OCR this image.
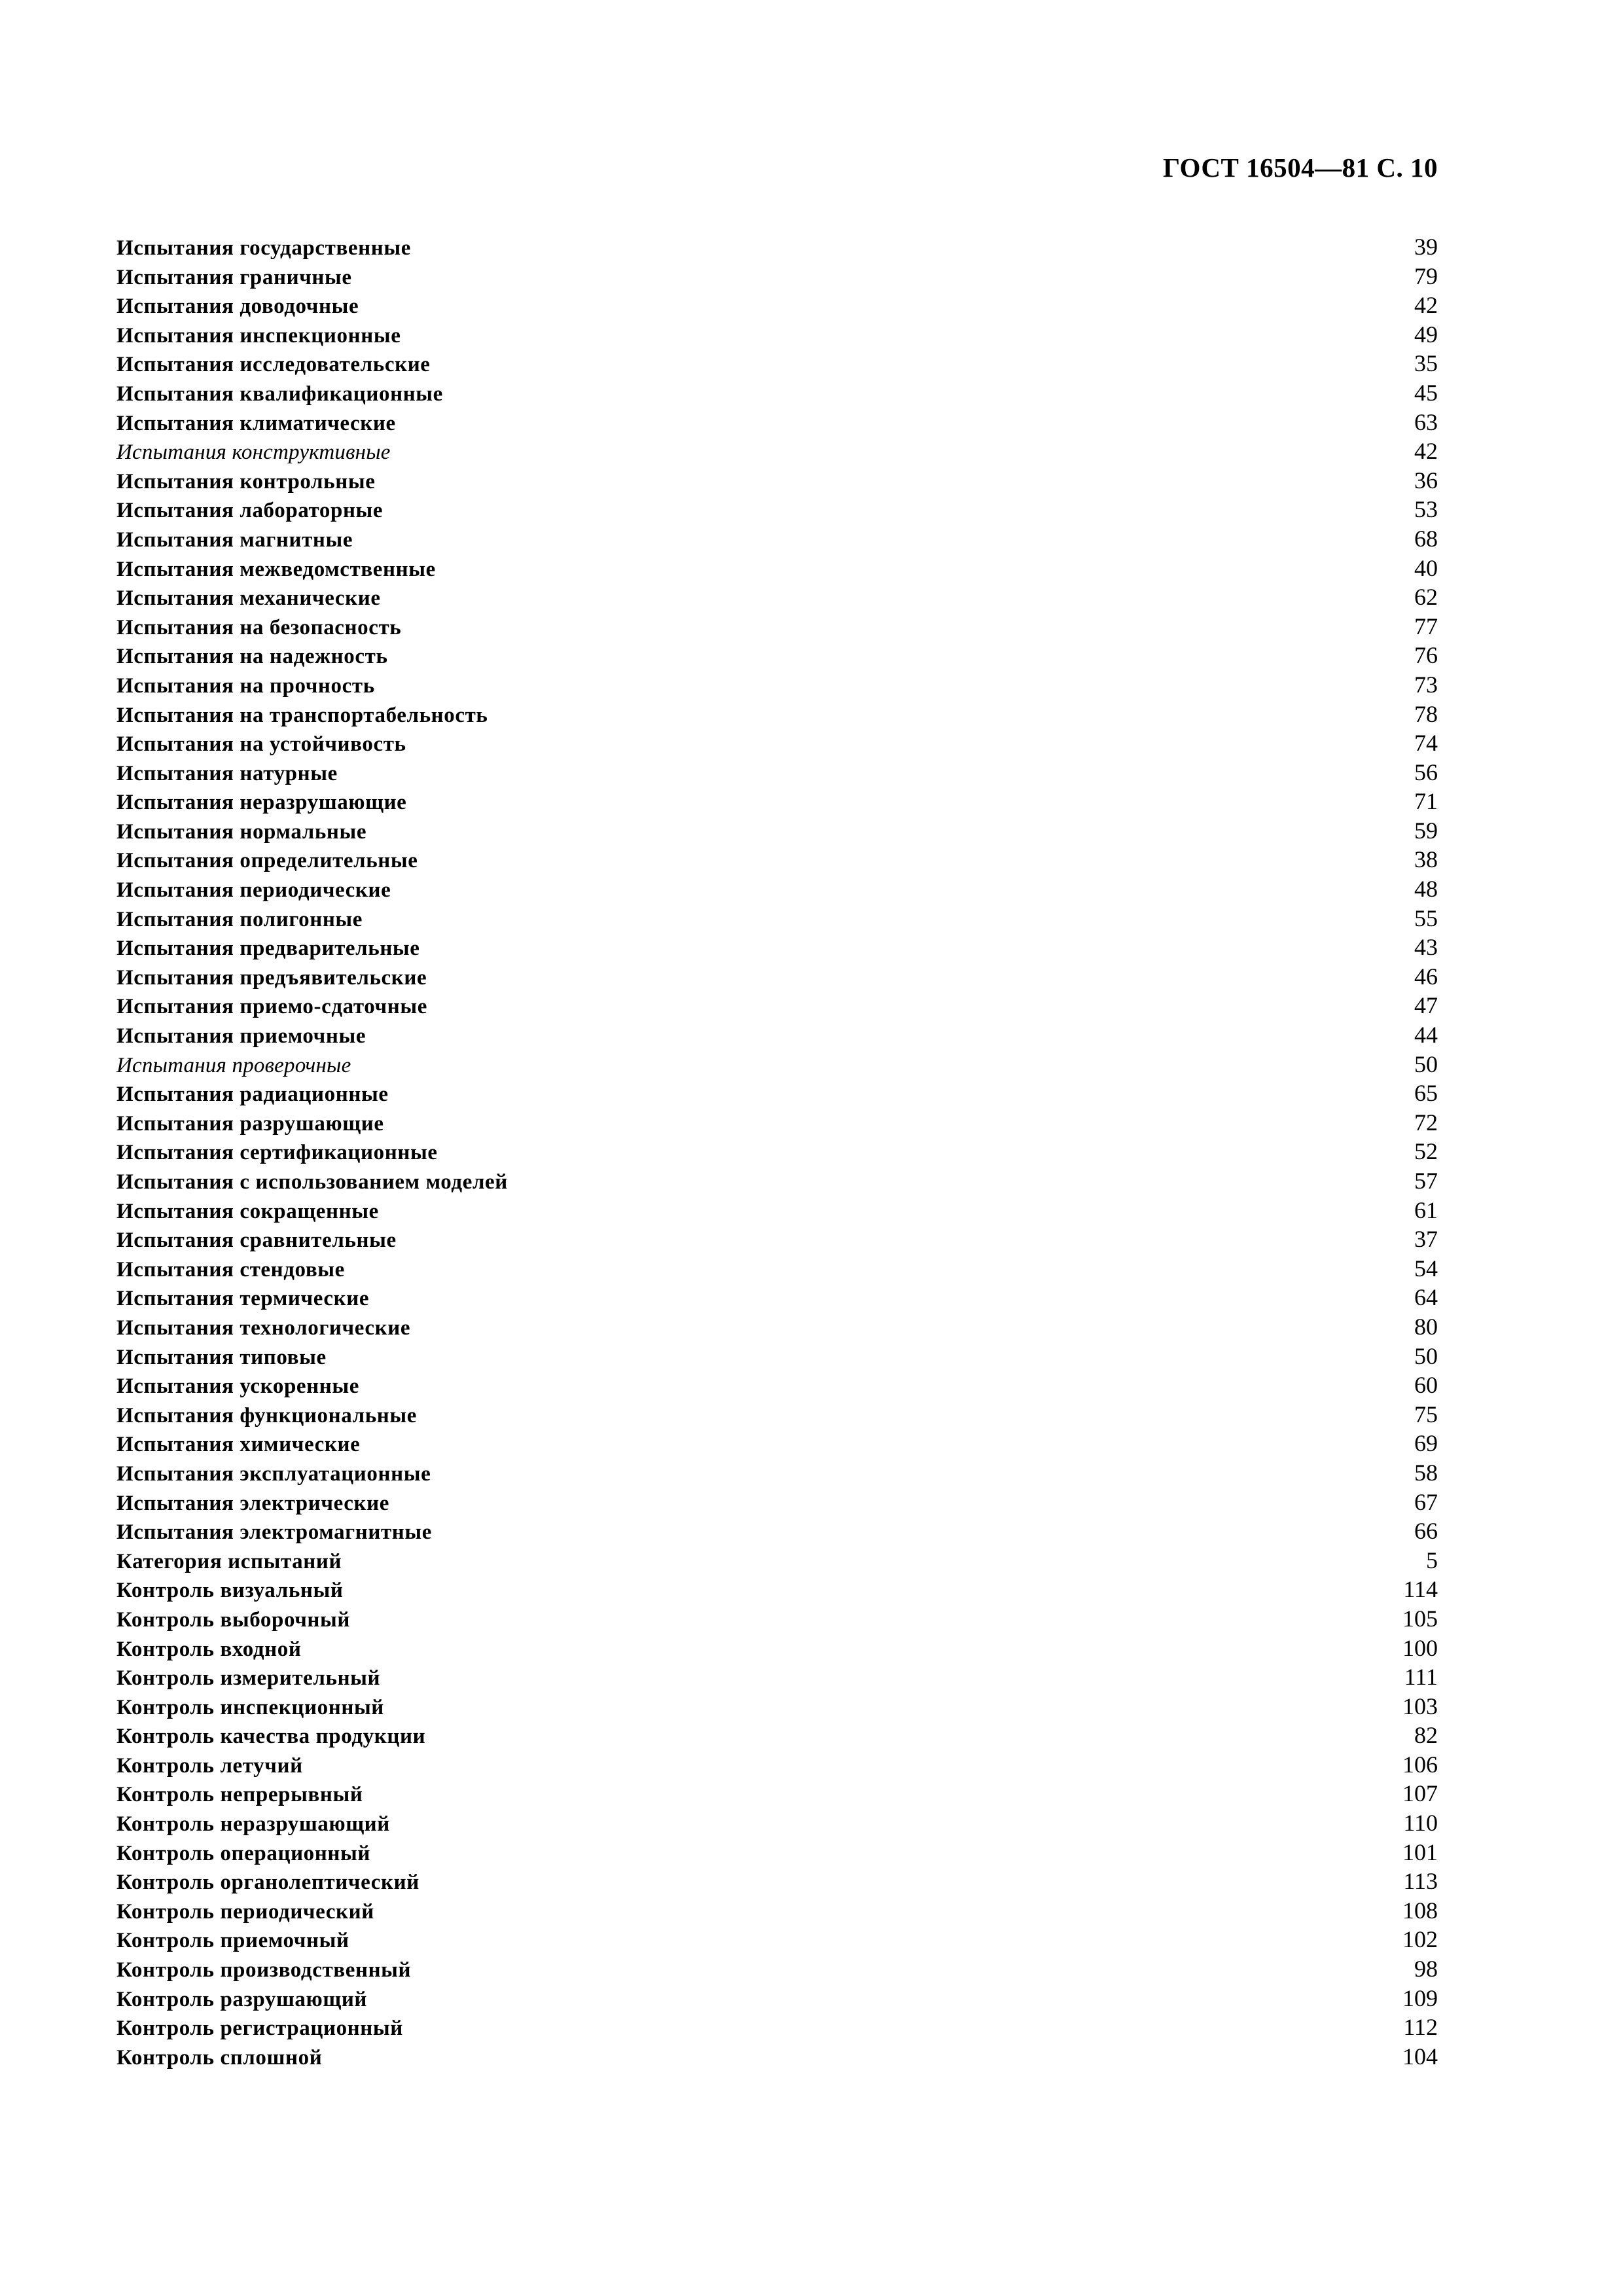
ГОСТ 16504—81 С. 10
Испытания государственные	39
Испытания граничные	79
Испытания доводочные	42
Испытания инспекционные	49
Испытания исследовательские	35
Испытания квалификационные	45
Испытания климатические	63
Испытания конструктивные	42
Испытания контрольные	36
Испытания лабораторные	53
Испытания магнитные	68
Испытания межведомственные	40
Испытания механические	62
Испытания на безопасность	77
Испытания на надежность	76
Испытания на прочность	73
Испытания на транспортабельность	78
Испытания на устойчивость	74
Испытания натурные	56
Испытания неразрушающие	71
Испытания нормальные	59
Испытания определительные	38
Испытания периодические	48
Испытания полигонные	55
Испытания предварительные	43
Испытания предъявительские	46
Испытания приемо-сдаточные	47
Испытания приемочные	44
Испытания проверочные	50
Испытания радиационные	65
Испытания разрушающие	72
Испытания сертификационные	52
Испытания с использованием моделей	57
Испытания сокращенные	61
Испытания сравнительные	37
Испытания стендовые	54
Испытания термические	64
Испытания технологические	80
Испытания типовые	50
Испытания ускоренные	60
Испытания функциональные	75
Испытания химические	69
Испытания эксплуатационные	58
Испытания электрические	67
Испытания электромагнитные	66
Категория испытаний	5
Контроль визуальный	114
Контроль выборочный	105
Контроль входной	100
Контроль измерительный	111
Контроль инспекционный	103
Контроль качества продукции	82
Контроль летучий	106
Контроль непрерывный	107
Контроль неразрушающий	110
Контроль операционный	101
Контроль органолептический	113
Контроль периодический	108
Контроль приемочный	102
Контроль производственный	98
Контроль разрушающий	109
Контроль регистрационный	112
Контроль сплошной	104
